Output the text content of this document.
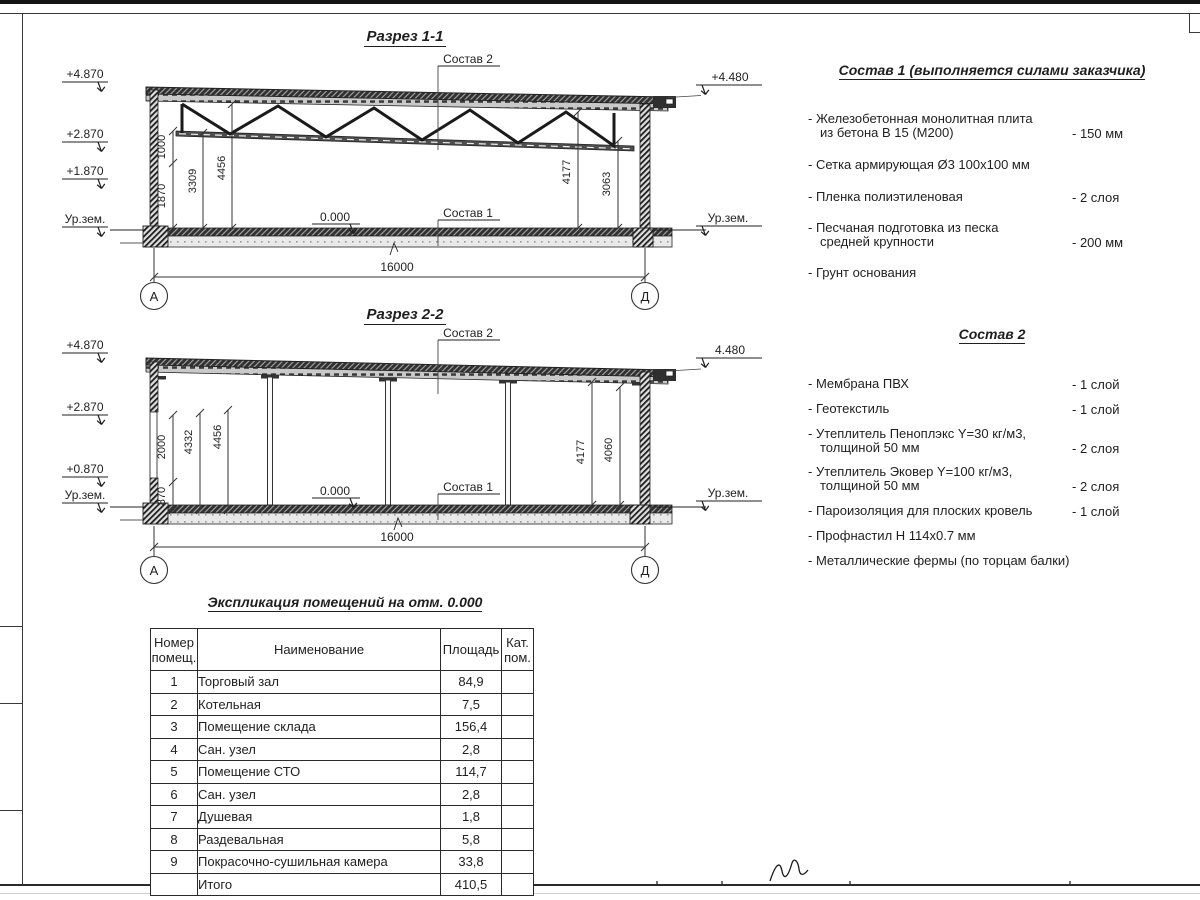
Разрез 1-1
+4.870
+2.870
+1.870
Ур.зем.
+4.480
Ур.зем.
0.000
Состав 2
Состав 1
1000
1870
3309
4456	4177	3063
16000
А	Д
Разрез 2-2
+4.870
+2.870
+0.870
Ур.зем.
4.480
Ур.зем.
0.000
Состав 2
Состав 1
2000
870
4332 4456
4177 4060
16000
А	Д
Состав 1 (выполняется силами заказчика)
- Железобетонная монолитная плита
из бетона В 15 (М200)	- 150 мм
- Сетка армирующая Ø3 100х100 мм
- Пленка полиэтиленовая	- 2 слоя
- Песчаная подготовка из песка
средней крупности	- 200 мм
- Грунт основания
Состав 2
- Мембрана ПВХ	- 1 слой
- Геотекстиль	- 1 слой
- Утеплитель Пеноплэкс Y=30 кг/м3,
толщиной 50 мм	- 2 слоя
- Утеплитель Эковер Y=100 кг/м3,
толщиной 50 мм	- 2 слоя
- Пароизоляция для плоских кровель	- 1 слой
- Профнастил Н 114х0.7 мм
- Металлические фермы (по торцам балки)
Экспликация помещений на отм. 0.000
Номер
помещ.	Наименование	Площадь	Кат.
пом.
1	Торговый зал	84,9	
2	Котельная	7,5	
3	Помещение склада	156,4	
4	Сан. узел	2,8	
5	Помещение СТО	114,7	
6	Сан. узел	2,8	
7	Душевая	1,8	
8	Раздевальная	5,8	
9	Покрасочно-сушильная камера	33,8	
	Итого	410,5	
